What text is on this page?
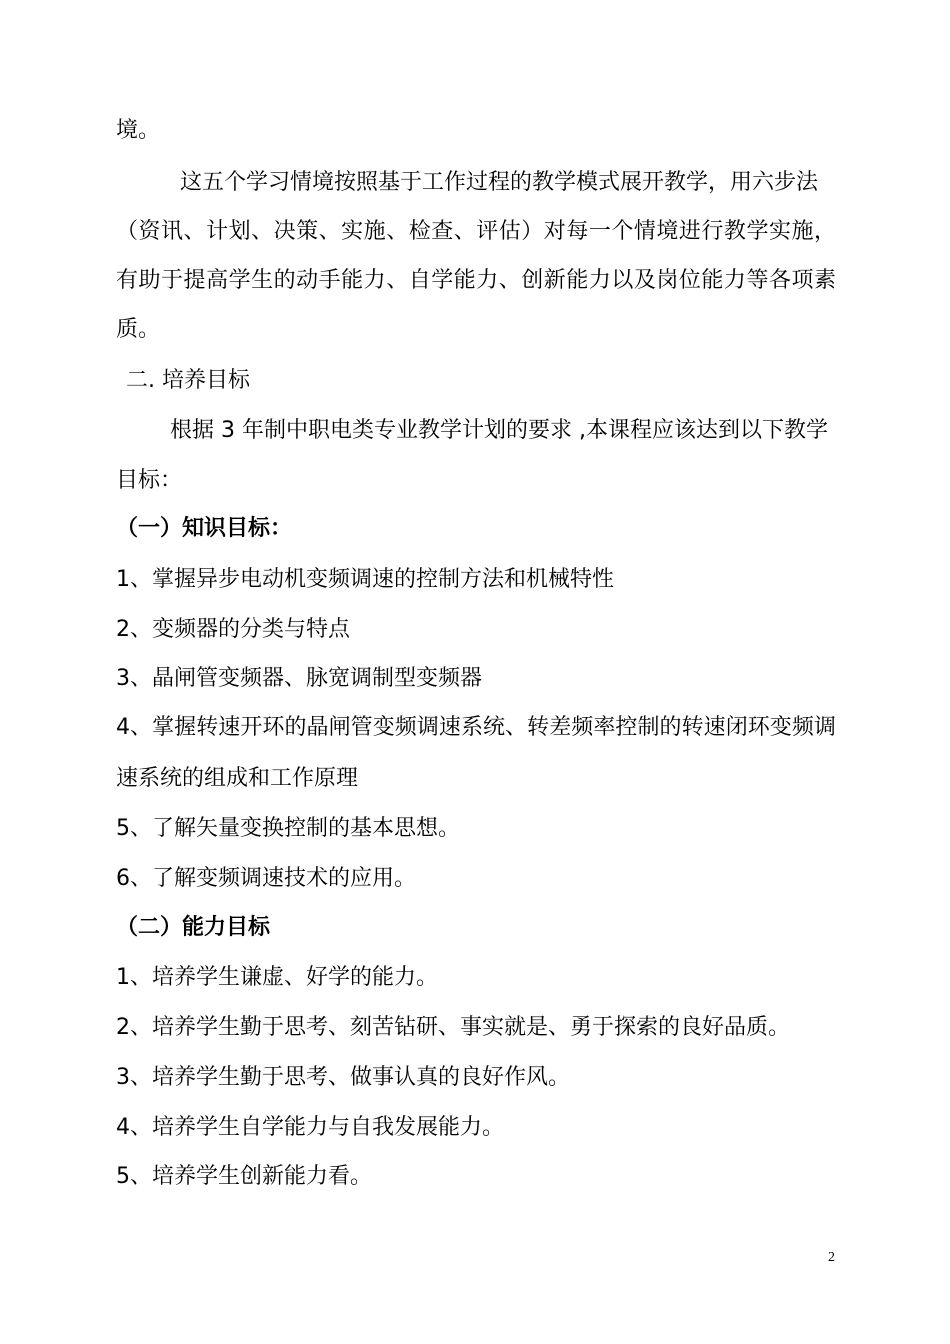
境。
这五个学习情境按照基于工作过程的教学模式展开教学，用六步法
（资讯、计划、决策、实施、检查、评估）对每一个情境进行教学实施，
有助于提高学生的动手能力、自学能力、创新能力以及岗位能力等各项素
质。
二. 培养目标
根据 3 年制中职电类专业教学计划的要求 ,本课程应该达到以下教学
目标：
（一）知识目标：
1、掌握异步电动机变频调速的控制方法和机械特性
2、变频器的分类与特点
3、晶闸管变频器、脉宽调制型变频器
4、掌握转速开环的晶闸管变频调速系统、转差频率控制的转速闭环变频调
速系统的组成和工作原理
5、了解矢量变换控制的基本思想。
6、了解变频调速技术的应用。
（二）能力目标
1、培养学生谦虚、好学的能力。
2、培养学生勤于思考、刻苦钻研、事实就是、勇于探索的良好品质。
3、培养学生勤于思考、做事认真的良好作风。
4、培养学生自学能力与自我发展能力。
5、培养学生创新能力看。
2
